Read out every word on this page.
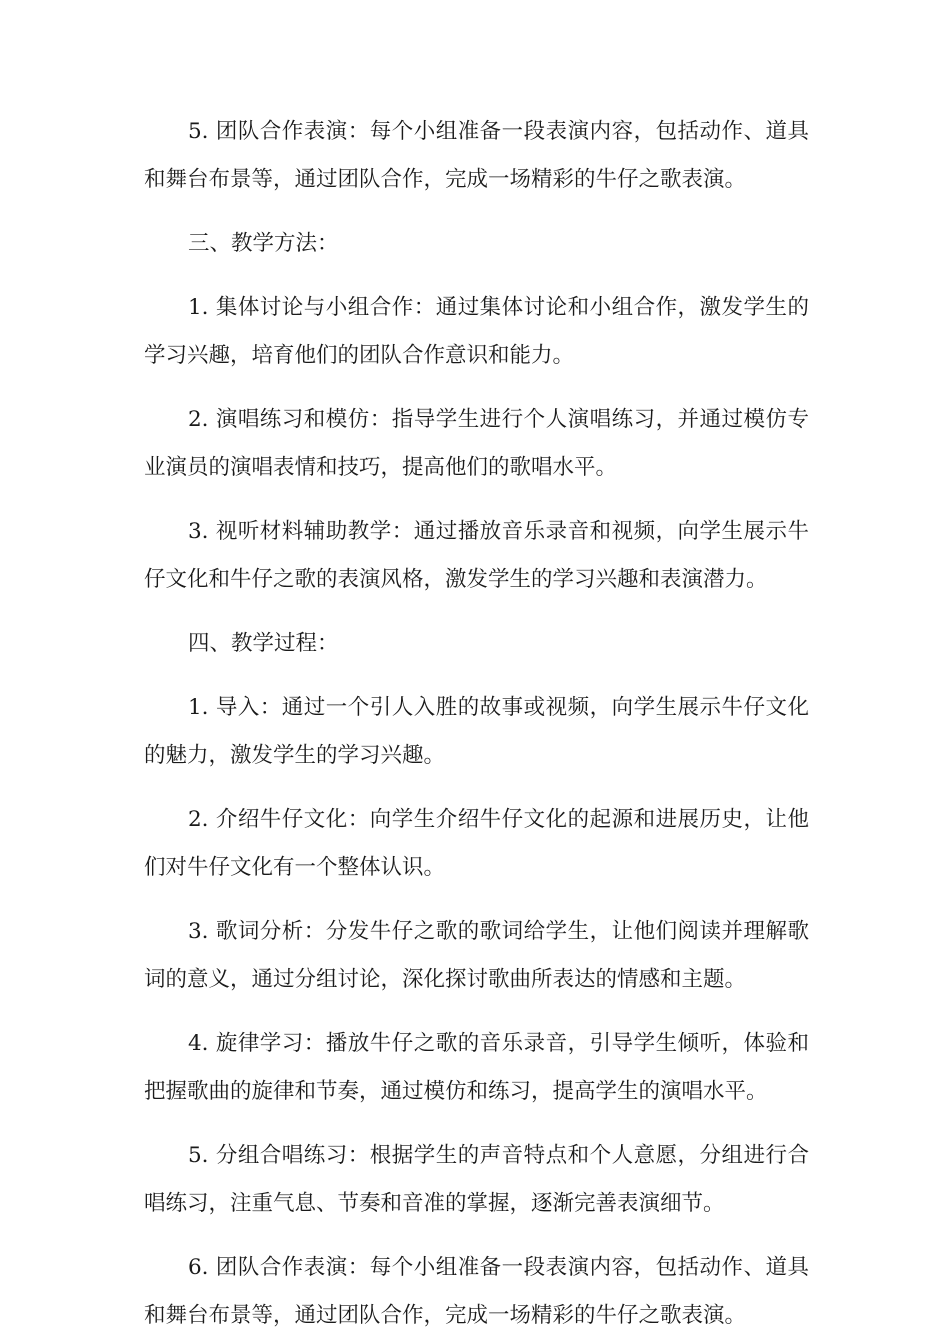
5. 团队合作表演：每个小组准备一段表演内容，包括动作、道具和舞台布景等，通过团队合作，完成一场精彩的牛仔之歌表演。

三、教学方法：

1. 集体讨论与小组合作：通过集体讨论和小组合作，激发学生的学习兴趣，培育他们的团队合作意识和能力。

2. 演唱练习和模仿：指导学生进行个人演唱练习，并通过模仿专业演员的演唱表情和技巧，提高他们的歌唱水平。

3. 视听材料辅助教学：通过播放音乐录音和视频，向学生展示牛仔文化和牛仔之歌的表演风格，激发学生的学习兴趣和表演潜力。

四、教学过程：

1. 导入：通过一个引人入胜的故事或视频，向学生展示牛仔文化的魅力，激发学生的学习兴趣。

2. 介绍牛仔文化：向学生介绍牛仔文化的起源和进展历史，让他们对牛仔文化有一个整体认识。

3. 歌词分析：分发牛仔之歌的歌词给学生，让他们阅读并理解歌词的意义，通过分组讨论，深化探讨歌曲所表达的情感和主题。

4. 旋律学习：播放牛仔之歌的音乐录音，引导学生倾听，体验和把握歌曲的旋律和节奏，通过模仿和练习，提高学生的演唱水平。

5. 分组合唱练习：根据学生的声音特点和个人意愿，分组进行合唱练习，注重气息、节奏和音准的掌握，逐渐完善表演细节。

6. 团队合作表演：每个小组准备一段表演内容，包括动作、道具和舞台布景等，通过团队合作，完成一场精彩的牛仔之歌表演。
